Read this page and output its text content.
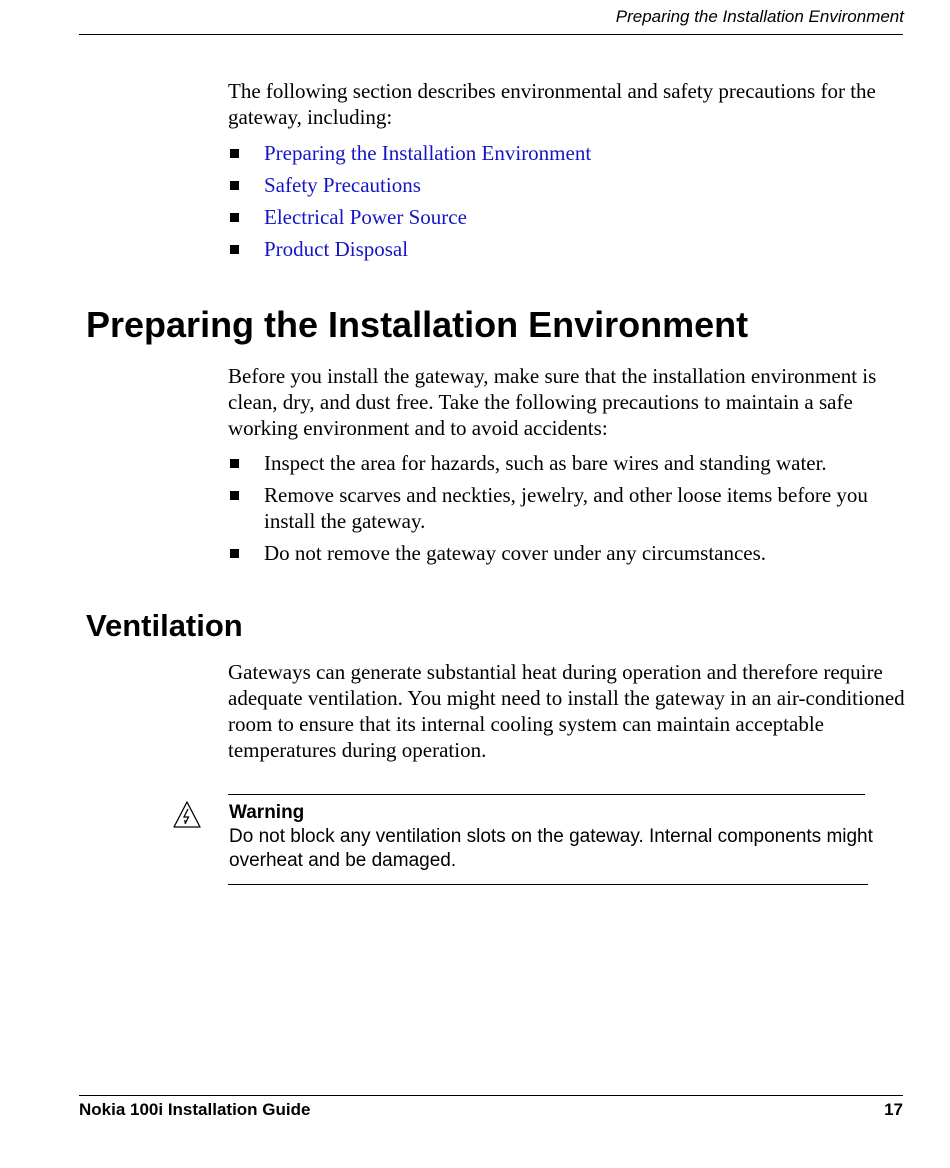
Preparing the Installation Environment

The following section describes environmental and safety precautions for the gateway, including:

Preparing the Installation Environment
Safety Precautions
Electrical Power Source
Product Disposal
Preparing the Installation Environment

Before you install the gateway, make sure that the installation environment is clean, dry, and dust free. Take the following precautions to maintain a safe working environment and to avoid accidents:

Inspect the area for hazards, such as bare wires and standing water.
Remove scarves and neckties, jewelry, and other loose items before you install the gateway.
Do not remove the gateway cover under any circumstances.
Ventilation

Gateways can generate substantial heat during operation and therefore require adequate ventilation. You might need to install the gateway in an air-conditioned room to ensure that its internal cooling system can maintain acceptable temperatures during operation.

Warning
Do not block any ventilation slots on the gateway. Internal components might overheat and be damaged.
Nokia 100i Installation Guide	17
